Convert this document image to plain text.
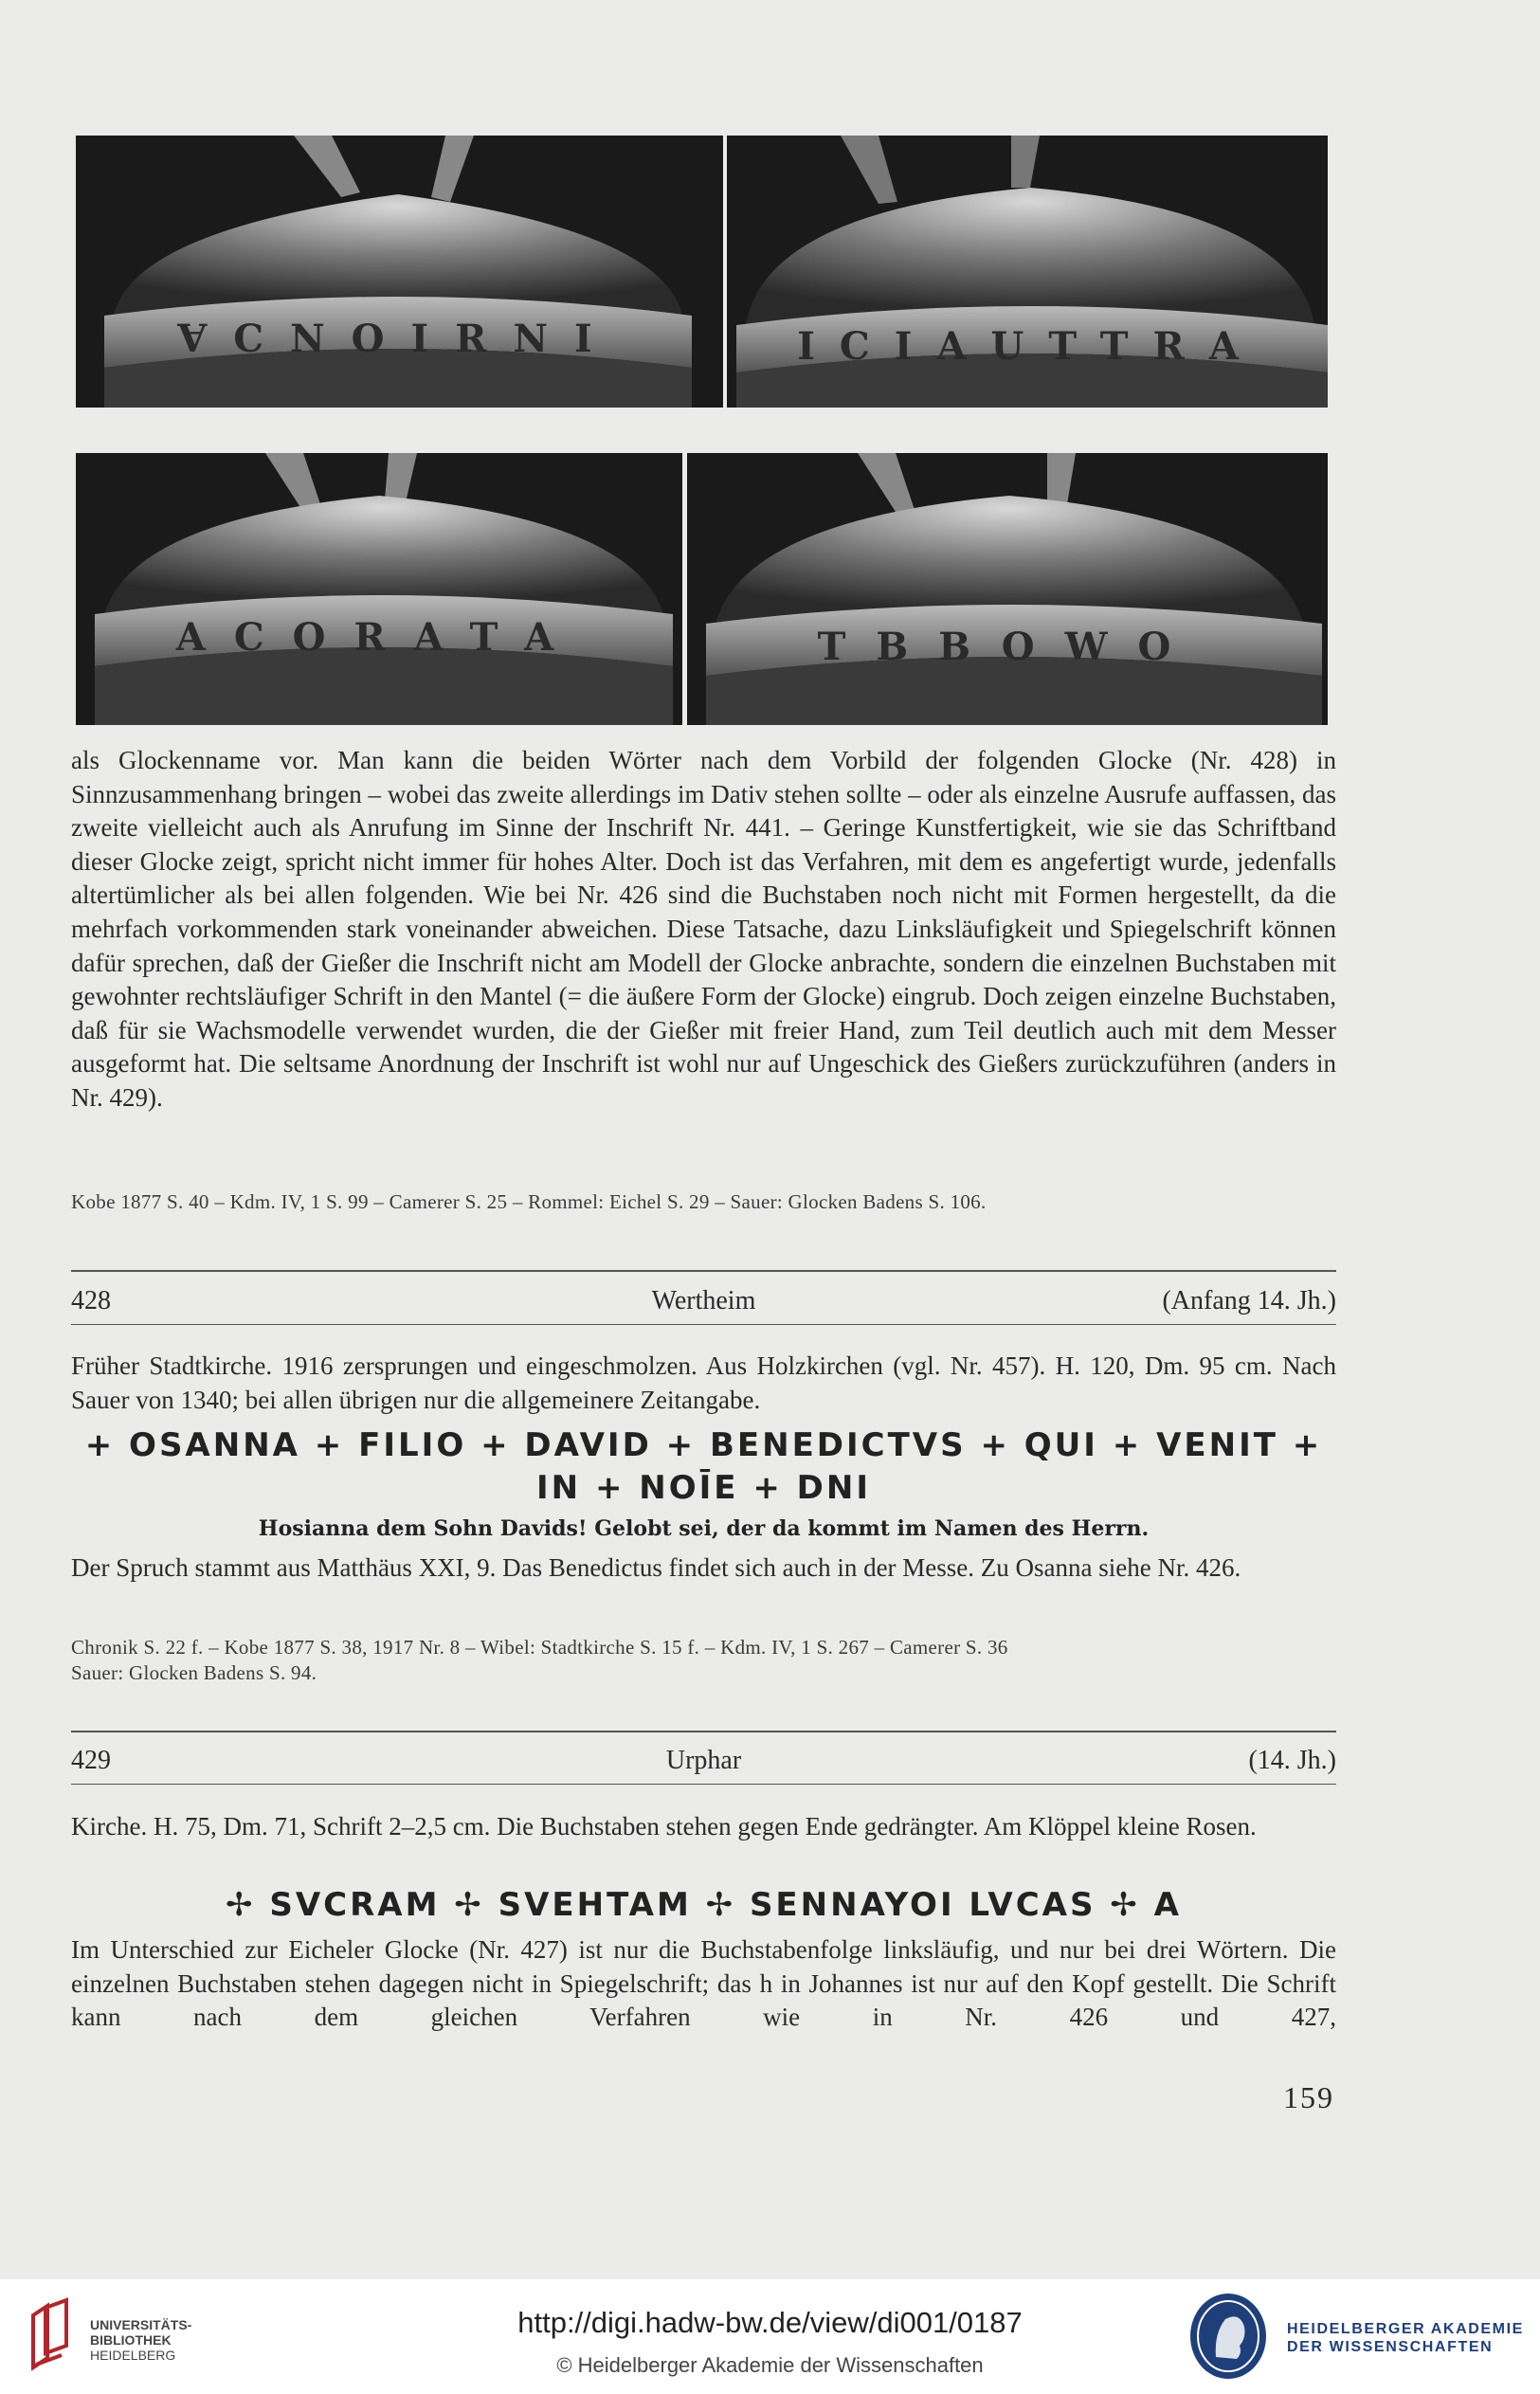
ⱯCNOIRNI	ICIAUTTRA
ACORATA	TBBOWO

als Glockenname vor. Man kann die beiden Wörter nach dem Vorbild der folgenden Glocke (Nr. 428) in Sinnzusammenhang bringen – wobei das zweite allerdings im Dativ stehen sollte – oder als einzelne Ausrufe auffassen, das zweite vielleicht auch als Anrufung im Sinne der Inschrift Nr. 441. – Geringe Kunstfertigkeit, wie sie das Schriftband dieser Glocke zeigt, spricht nicht immer für hohes Alter. Doch ist das Verfahren, mit dem es angefertigt wurde, jedenfalls altertümlicher als bei allen folgenden. Wie bei Nr. 426 sind die Buchstaben noch nicht mit Formen hergestellt, da die mehrfach vorkommenden stark voneinander abweichen. Diese Tatsache, dazu Linksläufigkeit und Spiegelschrift können dafür sprechen, daß der Gießer die Inschrift nicht am Modell der Glocke anbrachte, sondern die einzelnen Buchstaben mit gewohnter rechtsläufiger Schrift in den Mantel (= die äußere Form der Glocke) eingrub. Doch zeigen einzelne Buchstaben, daß für sie Wachsmodelle verwendet wurden, die der Gießer mit freier Hand, zum Teil deutlich auch mit dem Messer ausgeformt hat. Die seltsame Anordnung der Inschrift ist wohl nur auf Ungeschick des Gießers zurückzuführen (anders in Nr. 429).

Kobe 1877 S. 40 – Kdm. IV, 1 S. 99 – Camerer S. 25 – Rommel: Eichel S. 29 – Sauer: Glocken Badens S. 106.
428	Wertheim	(Anfang 14. Jh.)

Früher Stadtkirche. 1916 zersprungen und eingeschmolzen. Aus Holzkirchen (vgl. Nr. 457). H. 120, Dm. 95 cm. Nach Sauer von 1340; bei allen übrigen nur die allgemeinere Zeitangabe.

+ OSANNA + FILIO + DAVID + BENEDICTVS + QUI + VENIT +
IN + NOĪE + DNI
Hosianna dem Sohn Davids! Gelobt sei, der da kommt im Namen des Herrn.

Der Spruch stammt aus Matthäus XXI, 9. Das Benedictus findet sich auch in der Messe. Zu Osanna siehe Nr. 426.

Chronik S. 22 f. – Kobe 1877 S. 38, 1917 Nr. 8 – Wibel: Stadtkirche S. 15 f. – Kdm. IV, 1 S. 267 – Camerer S. 36
Sauer: Glocken Badens S. 94.
429	Urphar	(14. Jh.)

Kirche. H. 75, Dm. 71, Schrift 2–2,5 cm. Die Buchstaben stehen gegen Ende gedrängter. Am Klöppel kleine Rosen.

✢ SVCRAM ✢ SVEHTAM ✢ SENNAYOI LVCAS ✢ A

Im Unterschied zur Eicheler Glocke (Nr. 427) ist nur die Buchstabenfolge linksläufig, und nur bei drei Wörtern. Die einzelnen Buchstaben stehen dagegen nicht in Spiegelschrift; das h in Johannes ist nur auf den Kopf gestellt. Die Schrift kann nach dem gleichen Verfahren wie in Nr. 426 und 427,

159
UNIVERSITÄTS-
BIBLIOTHEK
HEIDELBERG
http://digi.hadw-bw.de/view/di001/0187
© Heidelberger Akademie der Wissenschaften
HEIDELBERGER AKADEMIE
DER WISSENSCHAFTEN
